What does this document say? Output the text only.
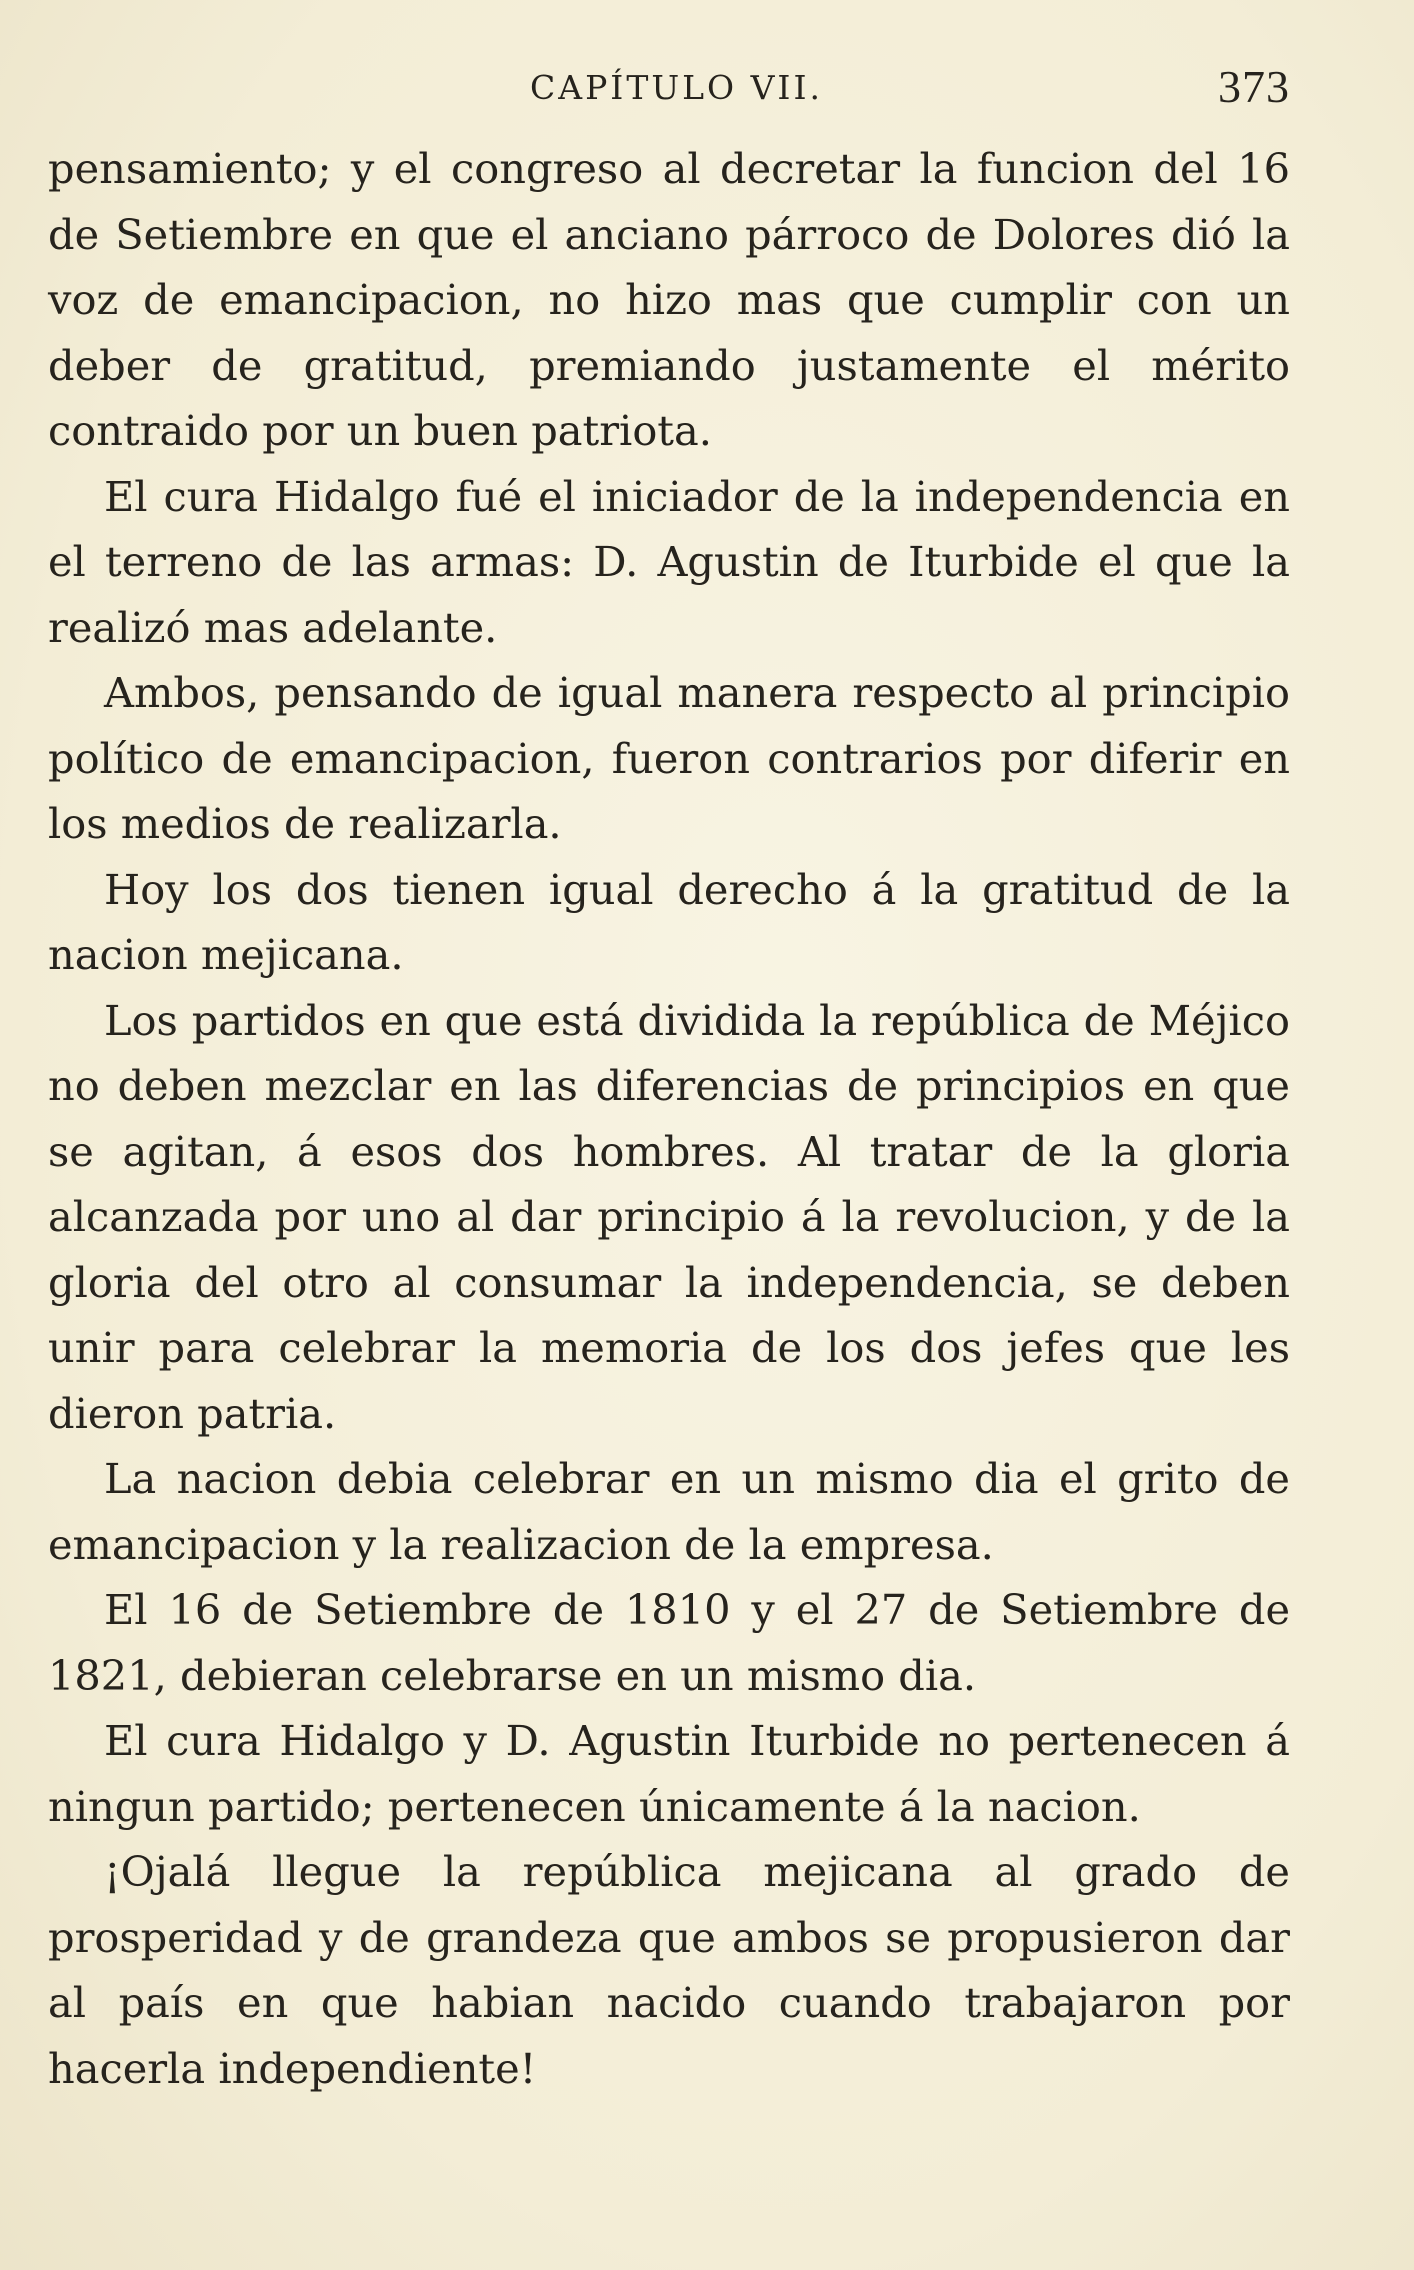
CAPÍTULO VII.	373

pensamiento; y el congreso al decretar la funcion del 16 de Setiembre en que el anciano párroco de Dolores dió la voz de emancipacion, no hizo mas que cumplir con un deber de gratitud, premiando justamente el mérito contraido por un buen patriota.

El cura Hidalgo fué el iniciador de la independencia en el terreno de las armas: D. Agustin de Iturbide el que la realizó mas adelante.

Ambos, pensando de igual manera respecto al principio político de emancipacion, fueron contrarios por diferir en los medios de realizarla.

Hoy los dos tienen igual derecho á la gratitud de la nacion mejicana.

Los partidos en que está dividida la república de Méjico no deben mezclar en las diferencias de principios en que se agitan, á esos dos hombres. Al tratar de la gloria alcanzada por uno al dar principio á la revolucion, y de la gloria del otro al consumar la independencia, se deben unir para celebrar la memoria de los dos jefes que les dieron patria.

La nacion debia celebrar en un mismo dia el grito de emancipacion y la realizacion de la empresa.

El 16 de Setiembre de 1810 y el 27 de Setiembre de 1821, debieran celebrarse en un mismo dia.

El cura Hidalgo y D. Agustin Iturbide no pertenecen á ningun partido; pertenecen únicamente á la nacion.

¡Ojalá llegue la república mejicana al grado de prosperidad y de grandeza que ambos se propusieron dar al país en que habian nacido cuando trabajaron por hacerla independiente!
